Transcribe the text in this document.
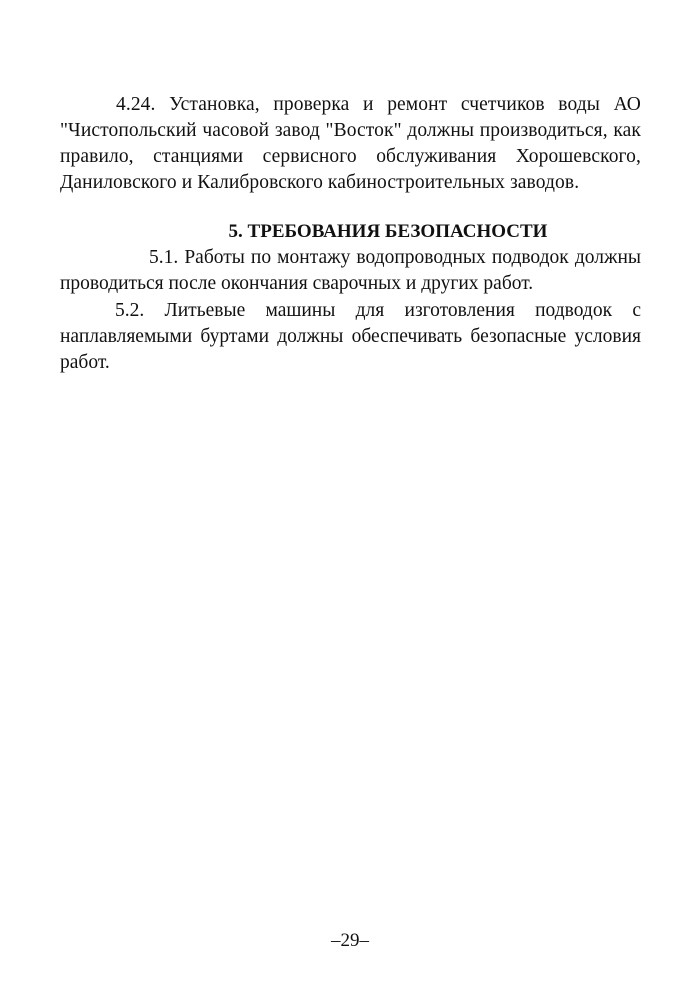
4.24. Установка, проверка и ремонт счетчиков воды АО "Чистопольский часовой завод "Восток" должны производиться, как правило, станциями сервисного обслуживания Хорошевского, Даниловского и Калибровского кабиностроительных заводов.

5. ТРЕБОВАНИЯ БЕЗОПАСНОСТИ

5.1. Работы по монтажу водопроводных подводок должны проводиться после окончания сварочных и других работ.

5.2. Литьевые машины для изготовления подводок с наплавляемыми буртами должны обеспечивать безопасные условия работ.

–29–
